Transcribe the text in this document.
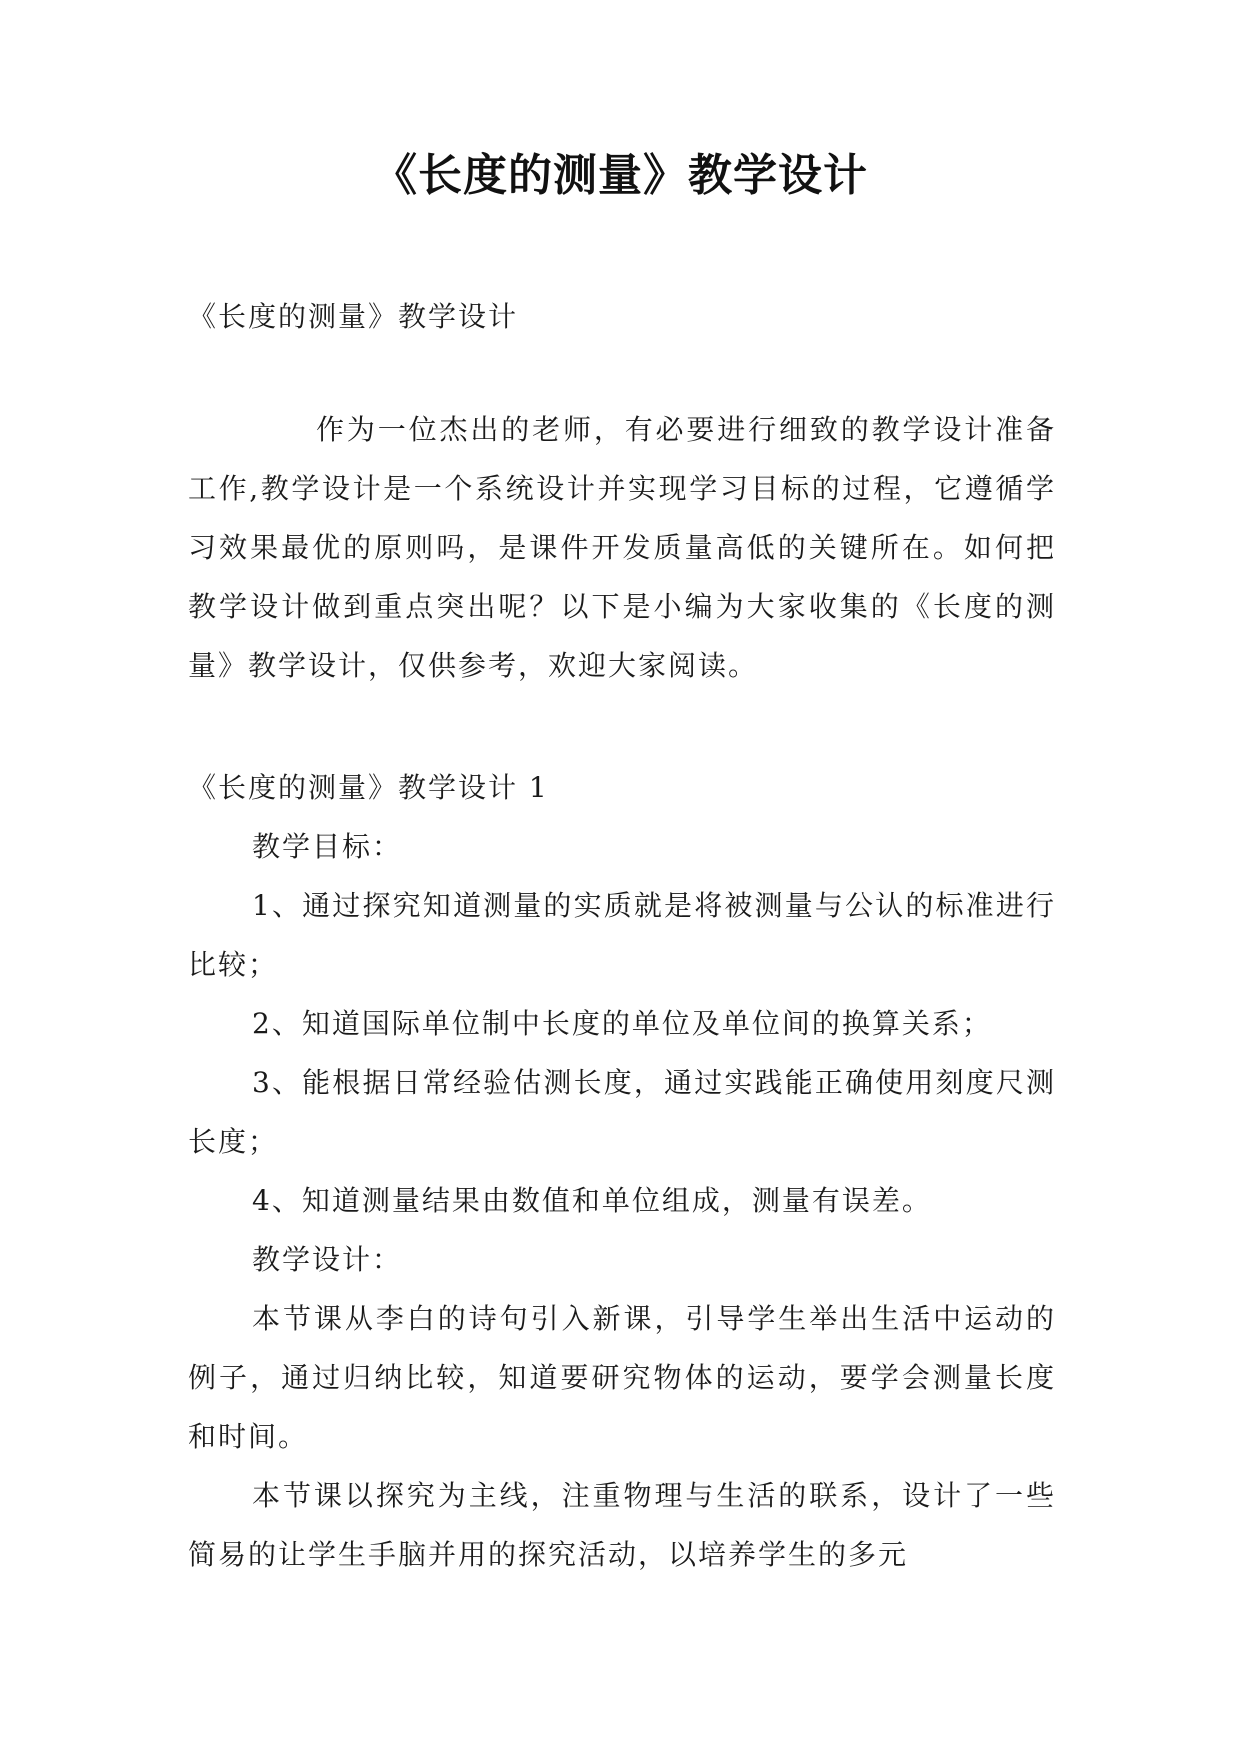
《长度的测量》教学设计

《长度的测量》教学设计

作为一位杰出的老师，有必要进行细致的教学设计准备工作,教学设计是一个系统设计并实现学习目标的过程，它遵循学习效果最优的原则吗，是课件开发质量高低的关键所在。如何把教学设计做到重点突出呢？以下是小编为大家收集的《长度的测量》教学设计，仅供参考，欢迎大家阅读。

《长度的测量》教学设计 1

教学目标：

1、通过探究知道测量的实质就是将被测量与公认的标准进行比较；

2、知道国际单位制中长度的单位及单位间的换算关系；

3、能根据日常经验估测长度，通过实践能正确使用刻度尺测长度；

4、知道测量结果由数值和单位组成，测量有误差。

教学设计：

本节课从李白的诗句引入新课，引导学生举出生活中运动的例子，通过归纳比较，知道要研究物体的运动，要学会测量长度和时间。

本节课以探究为主线，注重物理与生活的联系，设计了一些简易的让学生手脑并用的探究活动，以培养学生的多元
